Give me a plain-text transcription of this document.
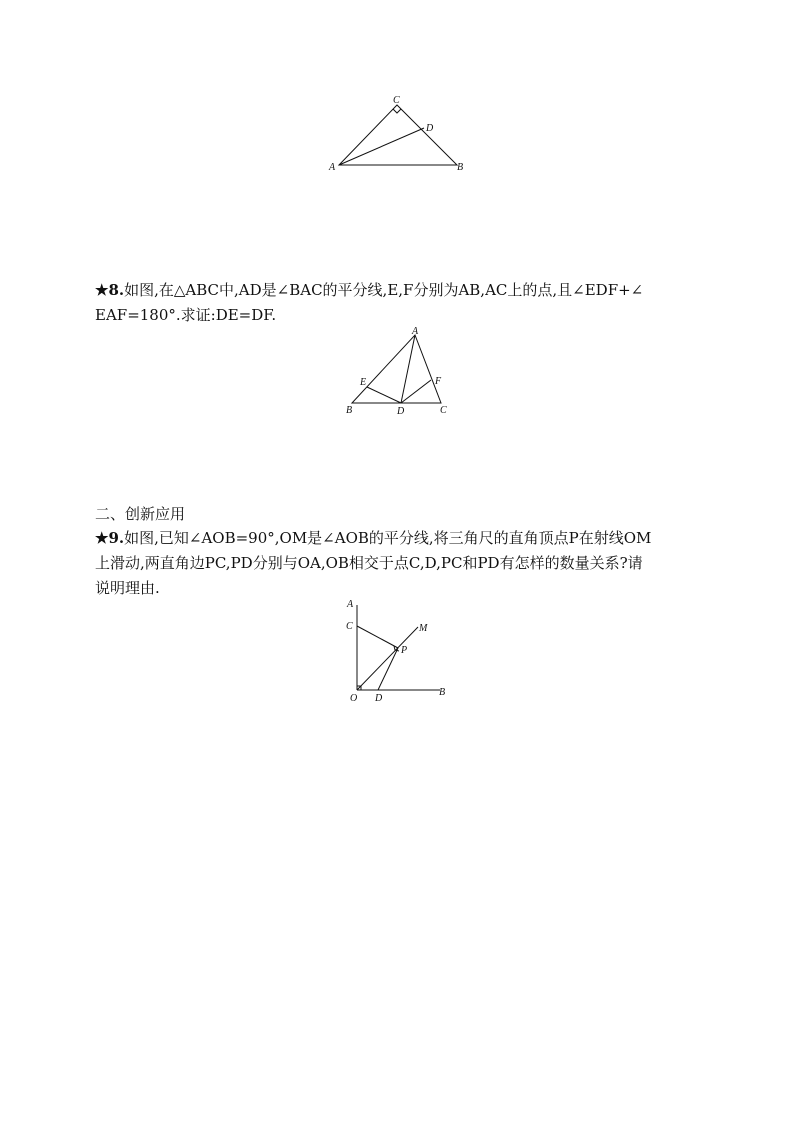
C
D
A	B
★8.如图,在△ABC中,AD是∠BAC的平分线,E,F分别为AB,AC上的点,且∠EDF+∠
EAF=180°.求证:DE=DF.
A
E	F
B	D	C
二、创新应用
★9.如图,已知∠AOB=90°,OM是∠AOB的平分线,将三角尺的直角顶点P在射线OM
上滑动,两直角边PC,PD分别与OA,OB相交于点C,D,PC和PD有怎样的数量关系?请
说明理由.
A
C	M
P
O D
B
